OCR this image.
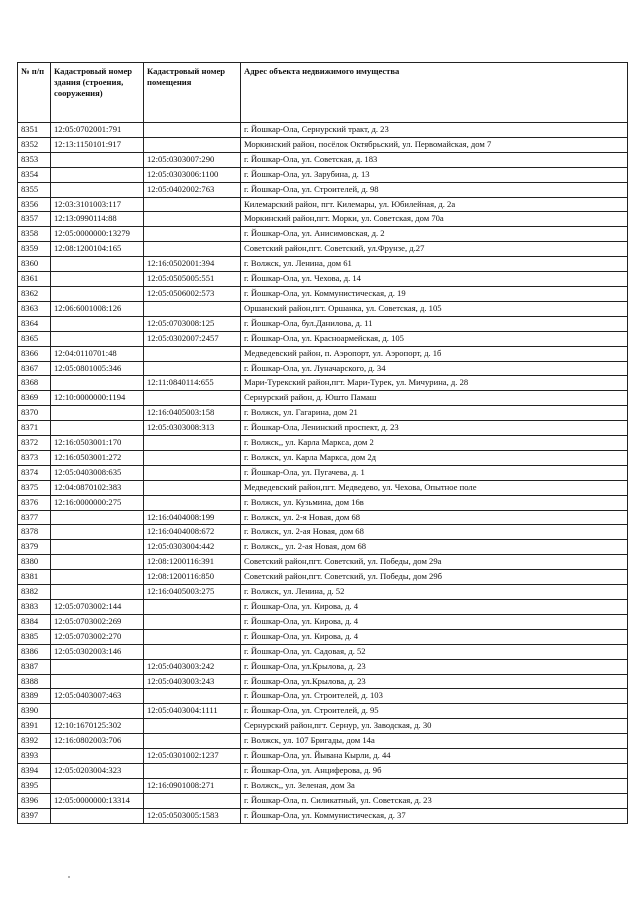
№ п/п	Кадастровый номер здания (строения, сооружения)	Кадастровый номер помещения	Адрес объекта недвижимого имущества
8351	12:05:0702001:791		г. Йошкар-Ола, Сернурский тракт, д. 23
8352	12:13:1150101:917		Моркинский район, посёлок Октябрьский, ул. Первомайская, дом 7
8353		12:05:0303007:290	г. Йошкар-Ола, ул. Советская, д. 183
8354		12:05:0303006:1100	г. Йошкар-Ола, ул. Зарубина, д. 13
8355		12:05:0402002:763	г. Йошкар-Ола, ул. Строителей, д. 98
8356	12:03:3101003:117		Килемарский район, пгт. Килемары, ул. Юбилейная, д. 2а
8357	12:13:0990114:88		Моркинский район,пгт. Морки, ул. Советская, дом 70а
8358	12:05:0000000:13279		г. Йошкар-Ола, ул. Анисимовская, д. 2
8359	12:08:1200104:165		Советский район,пгт. Советский, ул.Фрунзе, д.27
8360		12:16:0502001:394	г. Волжск, ул. Ленина, дом 61
8361		12:05:0505005:551	г. Йошкар-Ола, ул. Чехова, д. 14
8362		12:05:0506002:573	г. Йошкар-Ола, ул. Коммунистическая, д. 19
8363	12:06:6001008:126		Оршанский район,пгт. Оршанка, ул. Советская, д. 105
8364		12:05:0703008:125	г. Йошкар-Ола, бул.Данилова, д. 11
8365		12:05:0302007:2457	г. Йошкар-Ола, ул. Красноармейская, д. 105
8366	12:04:0110701:48		Медведевский район, п. Аэропорт, ул. Аэропорт, д. 1б
8367	12:05:0801005:346		г. Йошкар-Ола, ул. Луначарского, д. 34
8368		12:11:0840114:655	Мари-Турекский район,пгт. Мари-Турек, ул. Мичурина, д. 28
8369	12:10:0000000:1194		Сернурский район, д. Юшто Памаш
8370		12:16:0405003:158	г. Волжск, ул. Гагарина, дом 21
8371		12:05:0303008:313	г. Йошкар-Ола, Ленинский проспект, д. 23
8372	12:16:0503001:170		г. Волжск,, ул. Карла Маркса, дом 2
8373	12:16:0503001:272		г. Волжск, ул. Карла Маркса, дом 2д
8374	12:05:0403008:635		г. Йошкар-Ола, ул. Пугачева, д. 1
8375	12:04:0870102:383		Медведевский район,пгт. Медведево, ул. Чехова, Опытное поле
8376	12:16:0000000:275		г. Волжск, ул. Кузьмина, дом 16в
8377		12:16:0404008:199	г. Волжск, ул. 2-я Новая, дом 68
8378		12:16:0404008:672	г. Волжск, ул. 2-ая Новая, дом 68
8379		12:05:0303004:442	г. Волжск,, ул. 2-ая Новая, дом 68
8380		12:08:1200116:391	Советский район,пгт. Советский, ул. Победы, дом 29а
8381		12:08:1200116:850	Советский район,пгт. Советский, ул. Победы, дом 29б
8382		12:16:0405003:275	г. Волжск, ул. Ленина, д. 52
8383	12:05:0703002:144		г. Йошкар-Ола, ул. Кирова, д. 4
8384	12:05:0703002:269		г. Йошкар-Ола, ул. Кирова, д. 4
8385	12:05:0703002:270		г. Йошкар-Ола, ул. Кирова, д. 4
8386	12:05:0302003:146		г. Йошкар-Ола, ул. Садовая, д. 52
8387		12:05:0403003:242	г. Йошкар-Ола, ул.Крылова, д. 23
8388		12:05:0403003:243	г. Йошкар-Ола, ул.Крылова, д. 23
8389	12:05:0403007:463		г. Йошкар-Ола, ул. Строителей, д. 103
8390		12:05:0403004:1111	г. Йошкар-Ола, ул. Строителей, д. 95
8391	12:10:1670125:302		Сернурский район,пгт. Сернур, ул. Заводская, д. 30
8392	12:16:0802003:706		г. Волжск, ул. 107 Бригады, дом 14а
8393		12:05:0301002:1237	г. Йошкар-Ола, ул. Йывана Кырли, д. 44
8394	12:05:0203004:323		г. Йошкар-Ола, ул. Анциферова, д. 9б
8395		12:16:0901008:271	г. Волжск,, ул. Зеленая, дом 3а
8396	12:05:0000000:13314		г. Йошкар-Ола, п. Силикатный, ул. Советская, д. 23
8397		12:05:0503005:1583	г. Йошкар-Ола, ул. Коммунистическая, д. 37
